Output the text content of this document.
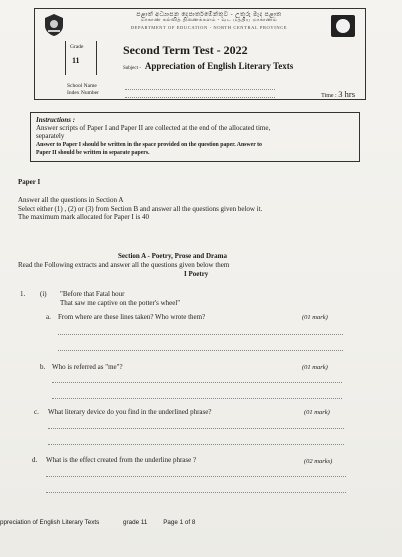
පළාත් අධ්‍යාපන දෙපාර්තමේන්තුව - උතුරු මැද පළාත
மாகாண கல்வித் திணைக்களம் - வட மத்திய மாகாணம்
DEPARTMENT OF EDUCATION - NORTH CENTRAL PROVINCE
Grade
11
Second Term Test - 2022
Subject - Appreciation of English Literary Texts
School Name
Index Number	Time : 3 hrs
Instructions :
Answer scripts of Paper I and Paper II are collected at the end of the allocated time,
separately
Answer to Paper I should be written in the space provided on the question paper. Answer to
Paper II should be written in separate papers.
Paper I
Answer all the questions in Section A
Select either (1) , (2) or (3) from Section B and answer all the questions given below it.
The maximum mark allocated for Paper I is 40
Section A - Poetry, Prose and Drama
Read the Following extracts and answer all the questions given below them
I Poetry
1. (i) "Before that Fatal hour
That saw me captive on the potter's wheel"
a. From where are these lines taken? Who wrote them?	(01 mark)
b. Who is referred as "me"?	(01 mark)
c. What literary device do you find in the underlined phrase?	(01 mark)
d. What is the effect created from the underline phrase ?	(02 marks)
ppreciation of English Literary Texts	grade 11	Page 1 of 8
